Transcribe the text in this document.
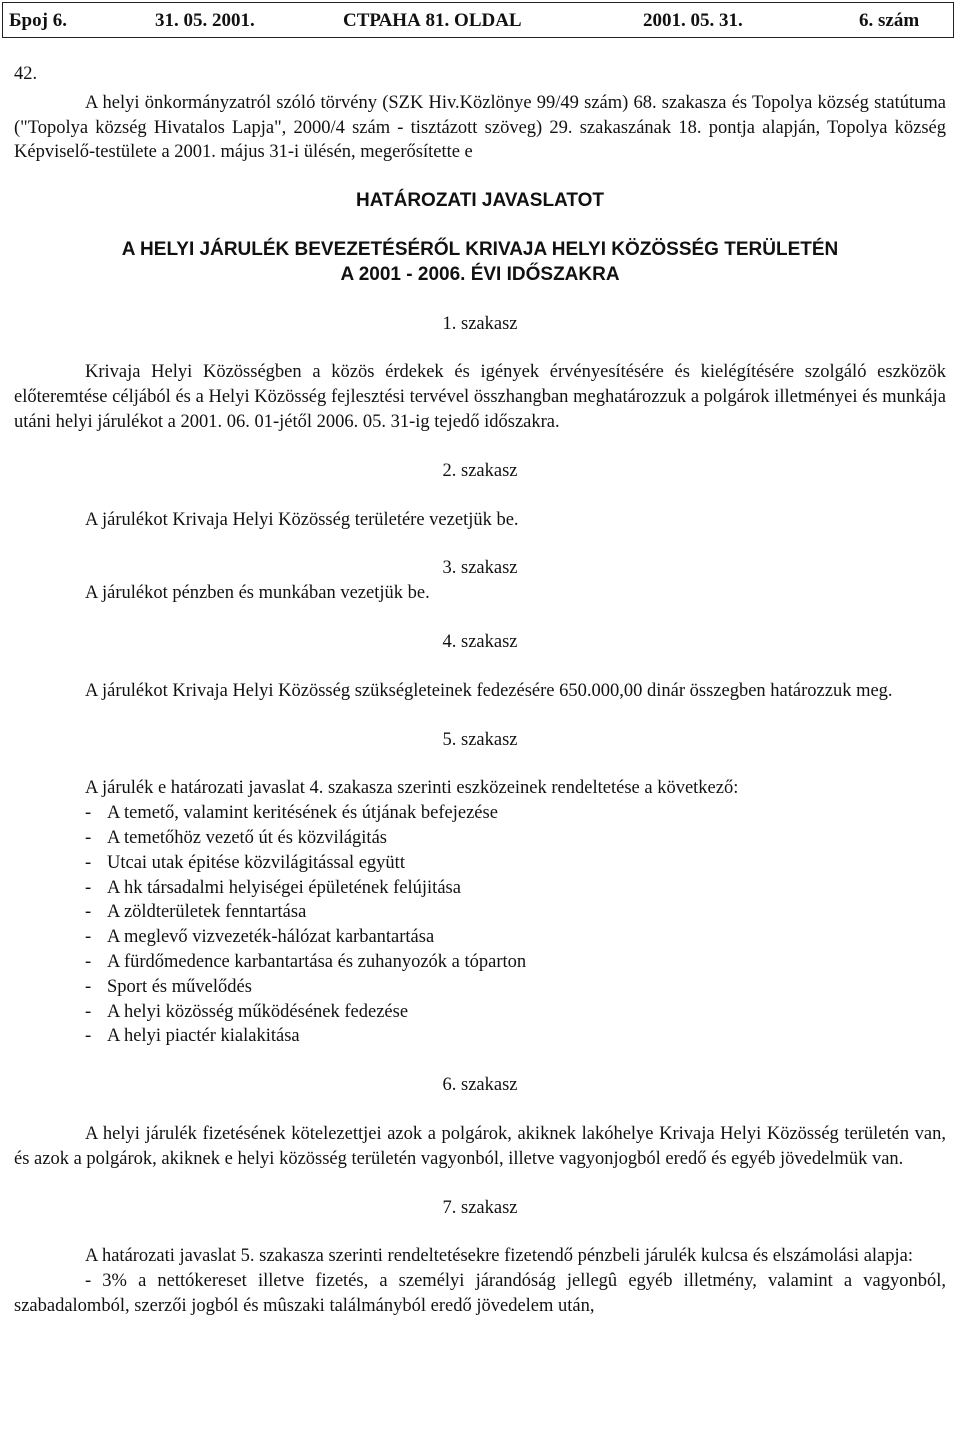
Број 6.	31. 05. 2001.	СТРАНА 81. OLDAL	2001. 05. 31.	6. szám

42.

A helyi önkormányzatról szóló törvény (SZK Hiv.Közlönye 99/49 szám) 68. szakasza és Topolya község statútuma ("Topolya község Hivatalos Lapja", 2000/4 szám - tisztázott szöveg) 29. szakaszának 18. pontja alapján, Topolya község Képviselő-testülete a 2001. május 31-i ülésén, megerősítette e

HATÁROZATI JAVASLATOT

A HELYI JÁRULÉK BEVEZETÉSÉRŐL KRIVAJA HELYI KÖZÖSSÉG TERÜLETÉN

A 2001 - 2006. ÉVI IDŐSZAKRA

1. szakasz

Krivaja Helyi Közösségben a közös érdekek és igények érvényesítésére és kielégítésére szolgáló eszközök előteremtése céljából és a Helyi Közösség fejlesztési tervével összhangban meghatározzuk a polgárok illetményei és munkája utáni helyi járulékot a 2001. 06. 01-jétől 2006. 05. 31-ig tejedő időszakra.

2. szakasz

A járulékot Krivaja Helyi Közösség területére vezetjük be.

3. szakasz

A járulékot pénzben és munkában vezetjük be.

4. szakasz

A járulékot Krivaja Helyi Közösség szükségleteinek fedezésére 650.000,00 dinár összegben határozzuk meg.

5. szakasz

A járulék e határozati javaslat 4. szakasza szerinti eszközeinek rendeltetése a következő:

- A temető, valamint keritésének és útjának befejezése
- A temetőhöz vezető út és közvilágitás
- Utcai utak épitése közvilágitással együtt
- A hk társadalmi helyiségei épületének felújitása
- A zöldterületek fenntartása
- A meglevő vizvezeték-hálózat karbantartása
- A fürdőmedence karbantartása és zuhanyozók a tóparton
- Sport és művelődés
- A helyi közösség működésének fedezése
- A helyi piactér kialakitása

6. szakasz

A helyi járulék fizetésének kötelezettjei azok a polgárok, akiknek lakóhelye Krivaja Helyi Közösség területén van, és azok a polgárok, akiknek e helyi közösség területén vagyonból, illetve vagyonjogból eredő és egyéb jövedelmük van.

7. szakasz

A határozati javaslat 5. szakasza szerinti rendeltetésekre fizetendő pénzbeli járulék kulcsa és elszámolási alapja:

- 3% a nettókereset illetve fizetés, a személyi járandóság jellegû egyéb illetmény, valamint a vagyonból, szabadalomból, szerzői jogból és mûszaki találmányból eredő jövedelem után,
